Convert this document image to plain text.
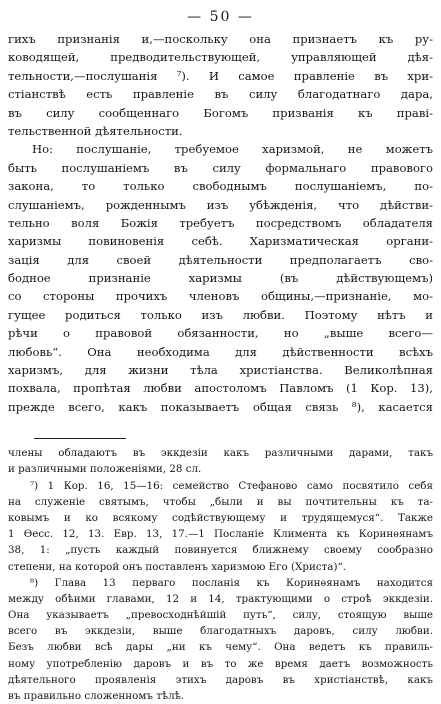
— 50 —
гихъ признанiя и,—поскольку она признаетъ къ ру-
ководящей, предводительствующей, управляющей дѣя-
тельности,—послушанiя ⁷). И самое правленiе въ хри-
стiанствѣ есть правленiе въ силу благодатнаго дара,
въ силу сообщеннаго Богомъ призванiя къ правi-
тельственной дѣятельности.
Но: послушанiе, требуемое харизмой, не можетъ
быть послушанiемъ въ силу формальнаго правового
закона, то только свободнымъ послушанiемъ, по-
слушанiемъ, рожденнымъ изъ убѣжденiя, что дѣйстви-
тельно воля Божiя требуетъ посредствомъ обладателя
харизмы повиновенiя себѣ. Харизматическая органи-
зацiя для своей дѣятельности предполагаетъ сво-
бодное признанiе харизмы (въ дѣйствующемъ)
со стороны прочихъ членовъ общины,—признанiе, мо-
гущее родиться только изъ любви. Поэтому нѣтъ и
рѣчи о правовой обязанности, но „выше всего—
любовь“. Она необходима для дѣйственности всѣхъ
харизмъ, для жизни тѣла христiанства. Великолѣпная
похвала, пропѣтая любви апостоломъ Павломъ (1 Кор. 13),
прежде всего, какъ показываетъ общая связь ⁸), касается
члены обладаютъ въ эккдезiи какъ различными дарами, такъ
и различными положенiями, 28 сл.
⁷) 1 Кор. 16, 15—16: семейство Стефаново само посвятило себя
на служенiе святымъ, чтобы „были и вы почтительны къ та-
ковымъ и ко всякому содѣйствующему и трудящемуся“. Также
1 Өесс. 12, 13. Евр. 13, 17.—1 Посланiе Климента къ Коринѳянамъ
38, 1: „пусть каждый повинуется ближнему своему сообразно
степени, на которой онъ поставленъ харизмою Его (Христа)“.
⁸) Глава 13 перваго посланiя къ Коринѳянамъ находится
между обѣими главами, 12 и 14, трактующими о строѣ эккдезiи.
Она указываетъ „превосходнѣйшiй путь“, силу, стоящую выше
всего въ эккдезiи, выше благодатныхъ даровъ, силу любви.
Безъ любви всѣ дары „ни къ чему“. Она ведетъ къ правиль-
ному употребленiю даровъ и въ то же время даетъ возможность
дѣятельного проявленiя этихъ даровъ въ христiанствѣ, какъ
въ правильно сложенномъ тѣлѣ.
